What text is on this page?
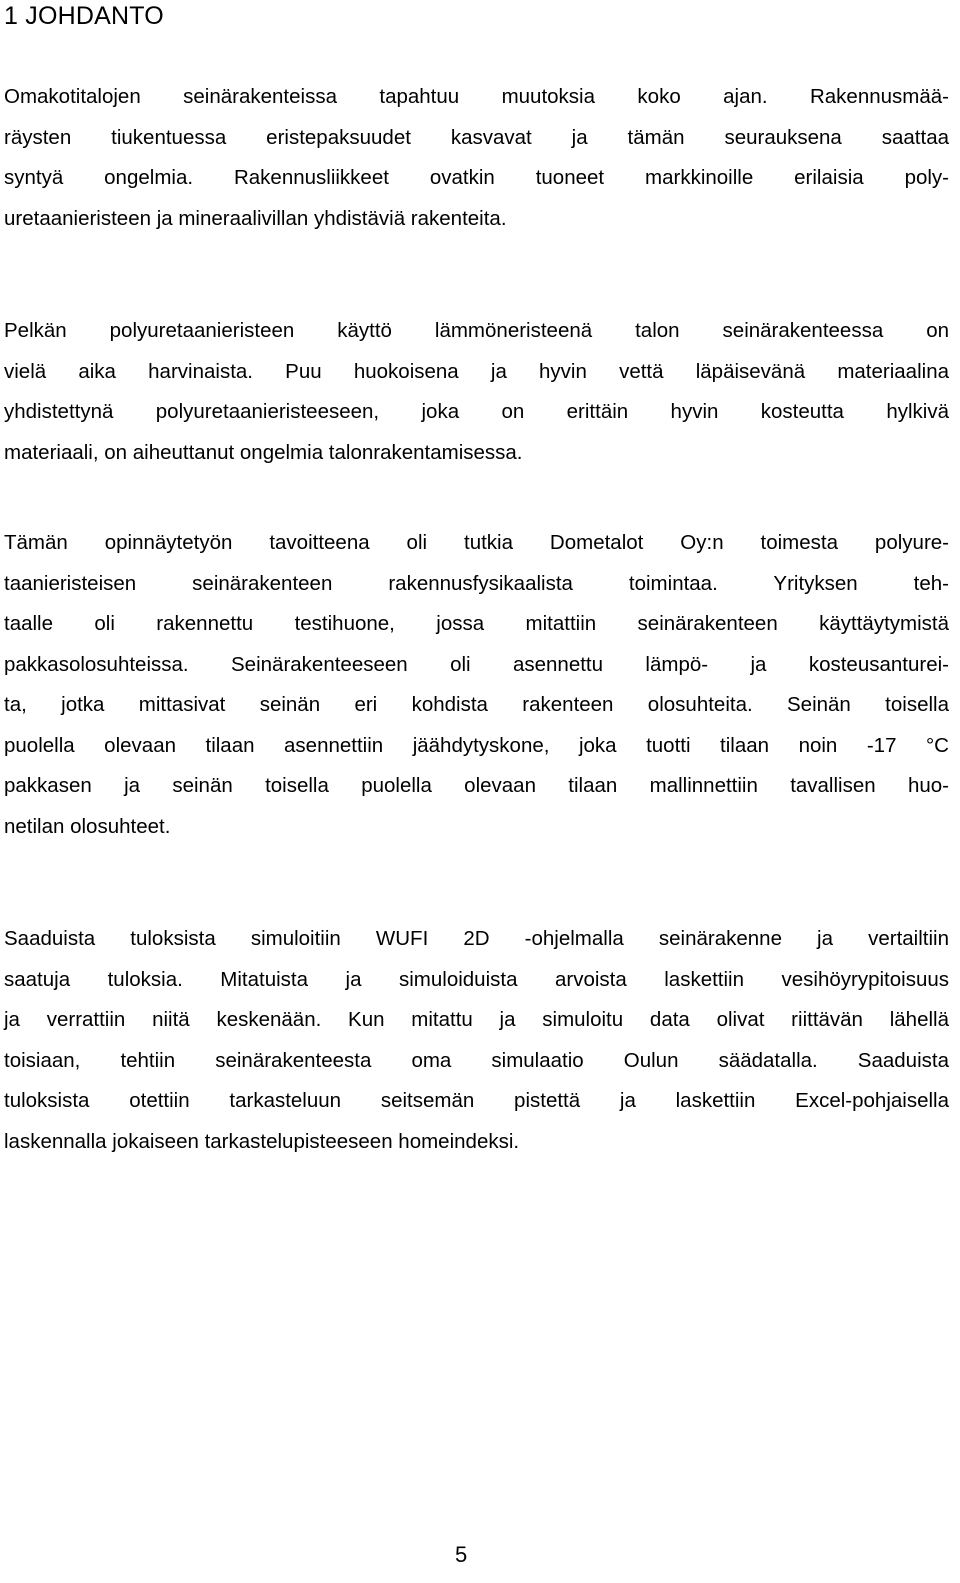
1 JOHDANTO
Omakotitalojen seinärakenteissa tapahtuu muutoksia koko ajan. Rakennusmää-
räysten tiukentuessa eristepaksuudet kasvavat ja tämän seurauksena saattaa
syntyä ongelmia. Rakennusliikkeet ovatkin tuoneet markkinoille erilaisia poly-
uretaanieristeen ja mineraalivillan yhdistäviä rakenteita.
Pelkän polyuretaanieristeen käyttö lämmöneristeenä talon seinärakenteessa on
vielä aika harvinaista. Puu huokoisena ja hyvin vettä läpäisevänä materiaalina
yhdistettynä polyuretaanieristeeseen, joka on erittäin hyvin kosteutta hylkivä
materiaali, on aiheuttanut ongelmia talonrakentamisessa.
Tämän opinnäytetyön tavoitteena oli tutkia Dometalot Oy:n toimesta polyure-
taanieristeisen seinärakenteen rakennusfysikaalista toimintaa. Yrityksen teh-
taalle oli rakennettu testihuone, jossa mitattiin seinärakenteen käyttäytymistä
pakkasolosuhteissa. Seinärakenteeseen oli asennettu lämpö- ja kosteusanturei-
ta, jotka mittasivat seinän eri kohdista rakenteen olosuhteita. Seinän toisella
puolella olevaan tilaan asennettiin jäähdytyskone, joka tuotti tilaan noin -17 °C
pakkasen ja seinän toisella puolella olevaan tilaan mallinnettiin tavallisen huo-
netilan olosuhteet.
Saaduista tuloksista simuloitiin WUFI 2D -ohjelmalla seinärakenne ja vertailtiin
saatuja tuloksia. Mitatuista ja simuloiduista arvoista laskettiin vesihöyrypitoisuus
ja verrattiin niitä keskenään. Kun mitattu ja simuloitu data olivat riittävän lähellä
toisiaan, tehtiin seinärakenteesta oma simulaatio Oulun säädatalla. Saaduista
tuloksista otettiin tarkasteluun seitsemän pistettä ja laskettiin Excel-pohjaisella
laskennalla jokaiseen tarkastelupisteeseen homeindeksi.
5
